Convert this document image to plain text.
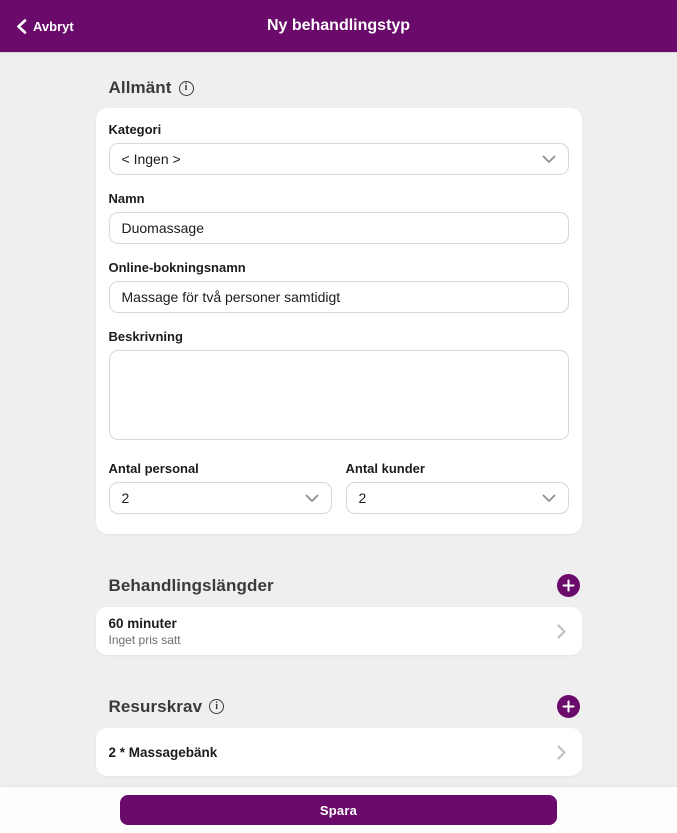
Ny behandlingstyp
Avbryt
Allmänt	i
Kategori
< Ingen >
Namn
Duomassage
Online-bokningsnamn
Massage för två personer samtidigt
Beskrivning
Antal personal
2
Antal kunder
2
Behandlingslängder
60 minuter
Inget pris satt
Resurskrav	i
2 * Massagebänk
Spara
